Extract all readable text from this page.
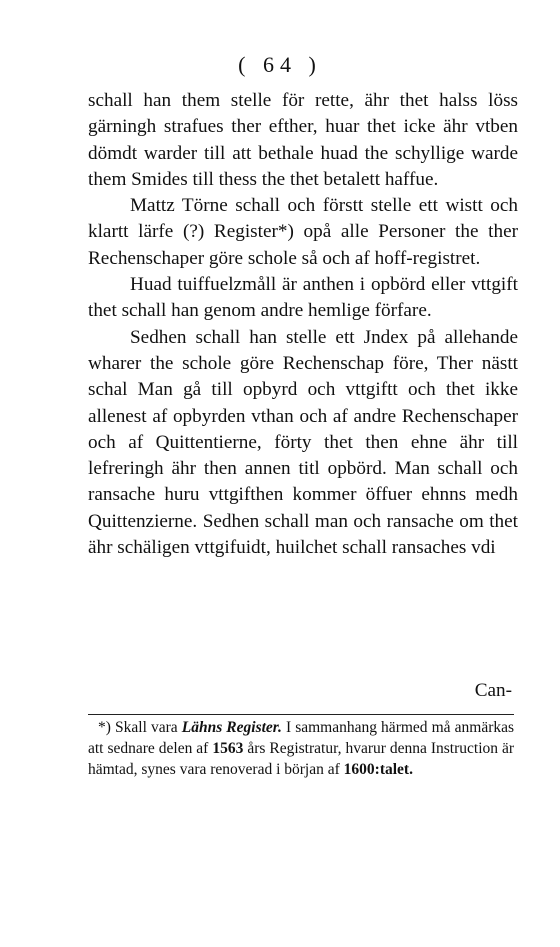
( 64 )

schall han them stelle för rette, ähr thet halss löss gärningh strafues ther efther, huar thet icke ähr vtben dömdt warder till att bethale huad the schyllige warde them Smides till thess the thet betalett haffue.

Mattz Törne schall och förstt stelle ett wistt och klartt lärfe (?) Register*) opå alle Personer the ther Rechenschaper göre schole så och af hoff-registret.

Huad tuiffuelzmåll är anthen i opbörd eller vttgift thet schall han genom andre hemlige förfare.

Sedhen schall han stelle ett Jndex på allehande wharer the schole göre Rechenschap före, Ther nästt schal Man gå till opbyrd och vttgiftt och thet ikke allenest af opbyrden vthan och af andre Rechenschaper och af Quittentierne, förty thet then ehne ähr till lefreringh ähr then annen titl opbörd. Man schall och ransache huru vttgifthen kommer öffuer ehnns medh Quittenzierne. Sedhen schall man och ransache om thet ähr schäligen vttgifuidt, huilchet schall ransaches vdi

Can-

*) Skall vara Lähns Register. I sammanhang härmed må anmärkas att sednare delen af 1563 års Registratur, hvarur denna Instruction är hämtad, synes vara renoverad i början af 1600:talet.
